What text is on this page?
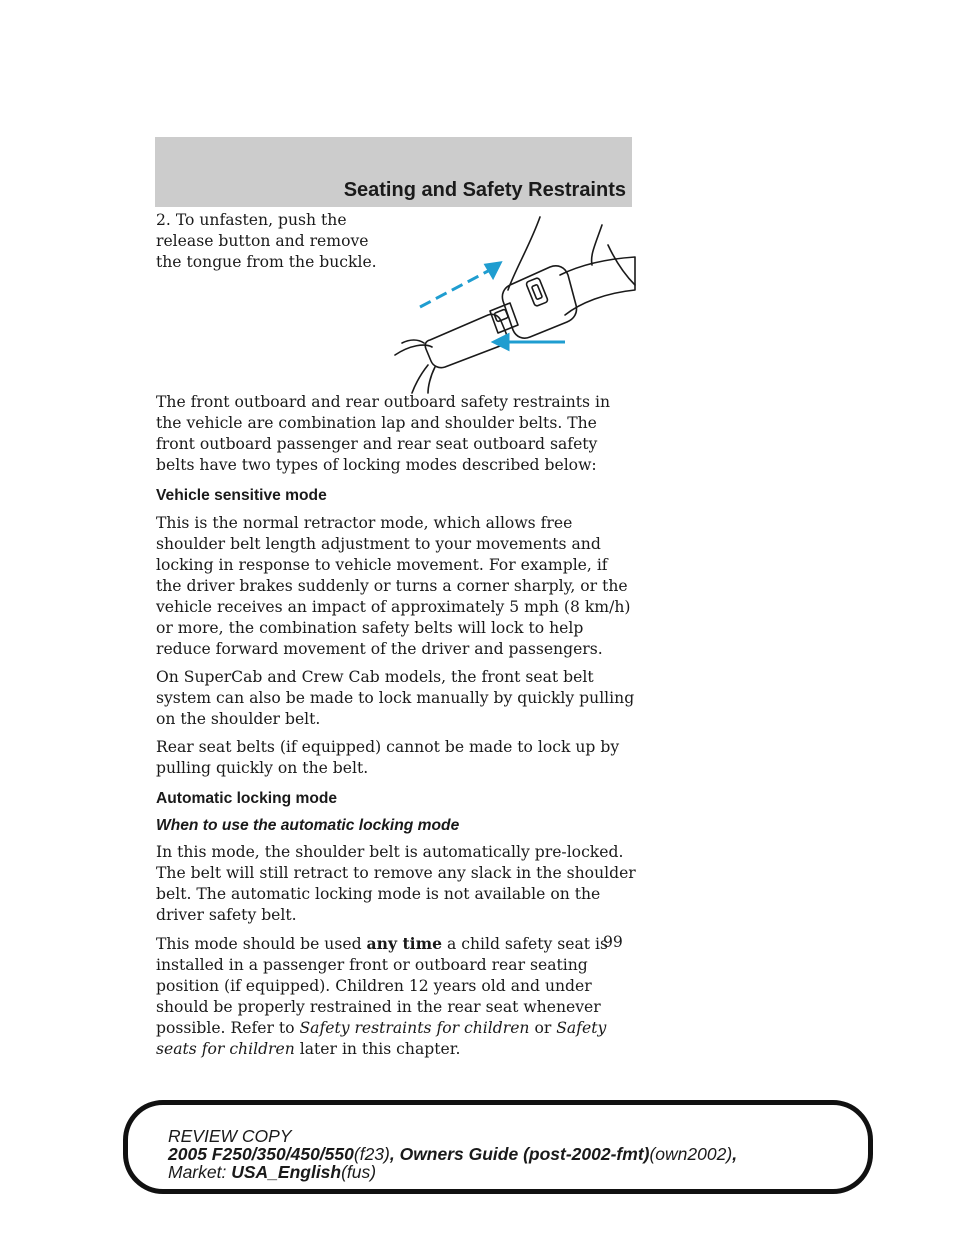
Seating and Safety Restraints

2. To unfasten, push the release button and remove the tongue from the buckle.

The front outboard and rear outboard safety restraints in the vehicle are combination lap and shoulder belts. The front outboard passenger and rear seat outboard safety belts have two types of locking modes described below:

Vehicle sensitive mode

This is the normal retractor mode, which allows free shoulder belt length adjustment to your movements and locking in response to vehicle movement. For example, if the driver brakes suddenly or turns a corner sharply, or the vehicle receives an impact of approximately 5 mph (8 km/h) or more, the combination safety belts will lock to help reduce forward movement of the driver and passengers.

On SuperCab and Crew Cab models, the front seat belt system can also be made to lock manually by quickly pulling on the shoulder belt.

Rear seat belts (if equipped) cannot be made to lock up by pulling quickly on the belt.

Automatic locking mode
When to use the automatic locking mode

In this mode, the shoulder belt is automatically pre-locked. The belt will still retract to remove any slack in the shoulder belt. The automatic locking mode is not available on the driver safety belt.

This mode should be used any time a child safety seat is installed in a passenger front or outboard rear seating position (if equipped). Children 12 years old and under should be properly restrained in the rear seat whenever possible. Refer to Safety restraints for children or Safety seats for children later in this chapter.

99
REVIEW COPY
2005 F250/350/450/550(f23), Owners Guide (post-2002-fmt)(own2002),
Market: USA_English(fus)
